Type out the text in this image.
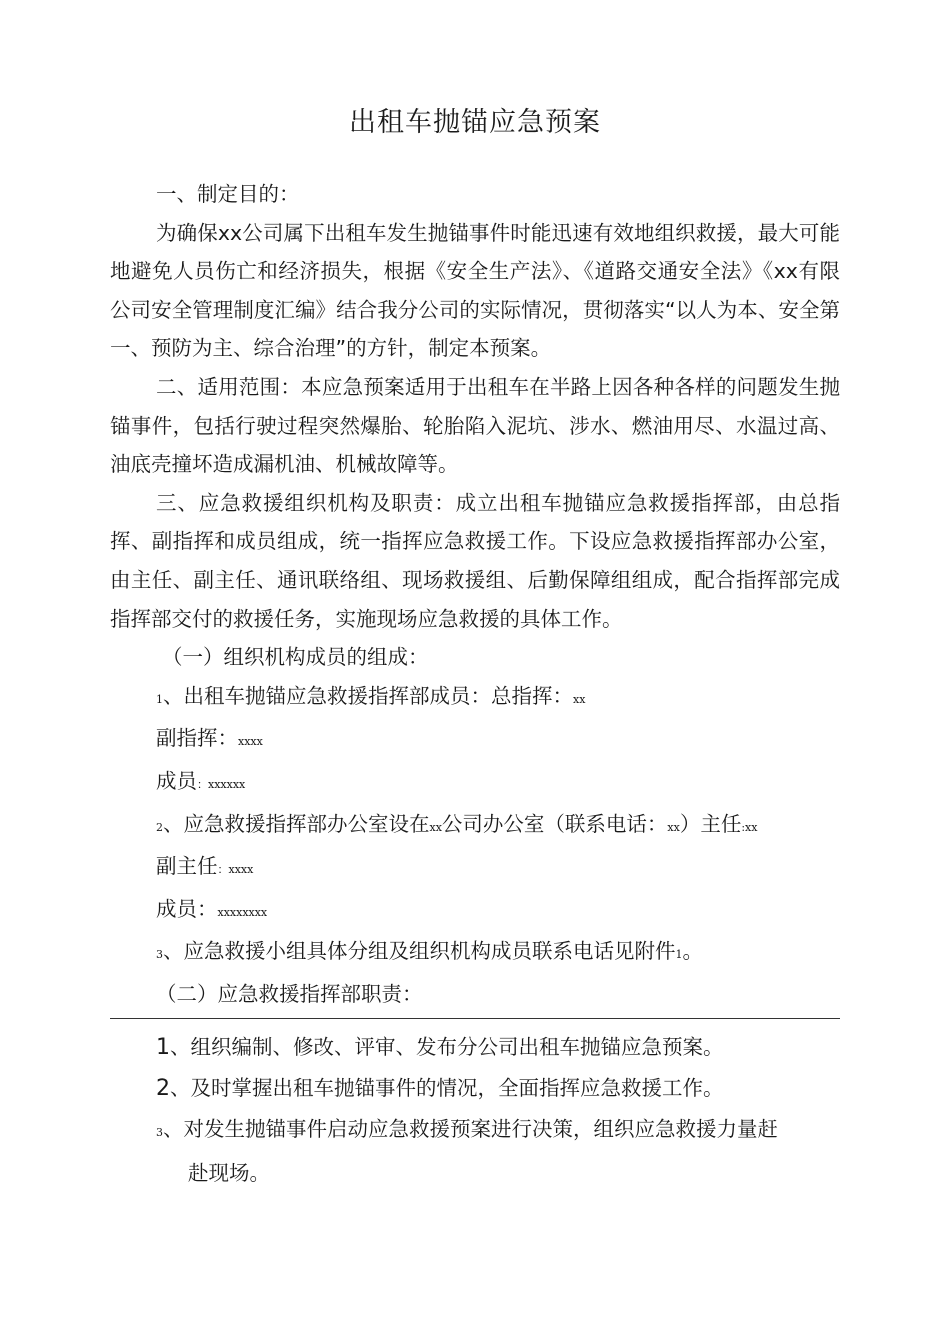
出租车抛锚应急预案

一、制定目的：

为确保xx公司属下出租车发生抛锚事件时能迅速有效地组织救援，最大可能地避免人员伤亡和经济损失，根据《安全生产法》、《道路交通安全法》《xx有限公司安全管理制度汇编》结合我分公司的实际情况，贯彻落实“以人为本、安全第一、预防为主、综合治理”的方针，制定本预案。

二、适用范围：本应急预案适用于出租车在半路上因各种各样的问题发生抛锚事件，包括行驶过程突然爆胎、轮胎陷入泥坑、涉水、燃油用尽、水温过高、油底壳撞坏造成漏机油、机械故障等。

三、应急救援组织机构及职责：成立出租车抛锚应急救援指挥部，由总指挥、副指挥和成员组成，统一指挥应急救援工作。下设应急救援指挥部办公室，由主任、副主任、通讯联络组、现场救援组、后勤保障组组成，配合指挥部完成指挥部交付的救援任务，实施现场应急救援的具体工作。

（一）组织机构成员的组成：

1、出租车抛锚应急救援指挥部成员：总指挥：xx

副指挥：xxxx

成员：xxxxxx

2、应急救援指挥部办公室设在xx公司办公室（联系电话：xx）主任:xx

副主任：xxxx

成员：xxxxxxxx

3、应急救援小组具体分组及组织机构成员联系电话见附件1。

（二）应急救援指挥部职责：

1、组织编制、修改、评审、发布分公司出租车抛锚应急预案。

2、及时掌握出租车抛锚事件的情况，全面指挥应急救援工作。

3、对发生抛锚事件启动应急救援预案进行决策，组织应急救援力量赶

赴现场。
